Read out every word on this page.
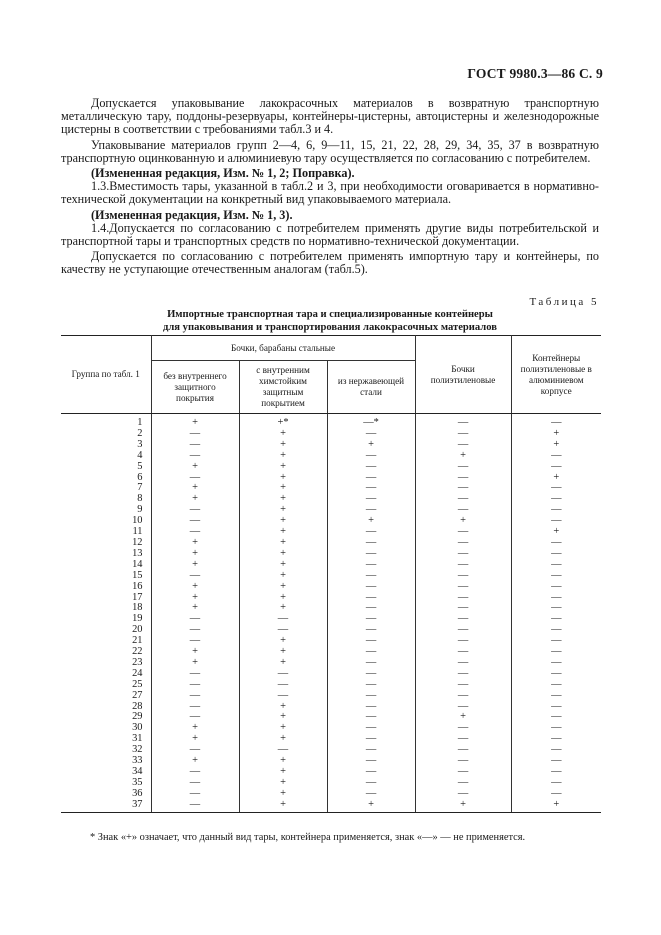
ГОСТ 9980.3—86 С. 9

Допускается упаковывание лакокрасочных материалов в возвратную транспортную металлическую тару, поддоны-резервуары, контейнеры-цистерны, автоцистерны и железнодорожные цистерны в соответствии с требованиями табл.3 и 4.

Упаковывание материалов групп 2—4, 6, 9—11, 15, 21, 22, 28, 29, 34, 35, 37 в возвратную транспортную оцинкованную и алюминиевую тару осуществляется по согласованию с потребителем.

(Измененная редакция, Изм. № 1, 2; Поправка).

1.3.Вместимость тары, указанной в табл.2 и 3, при необходимости оговаривается в нормативно-технической документации на конкретный вид упаковываемого материала.

(Измененная редакция, Изм. № 1, 3).

1.4.Допускается по согласованию с потребителем применять другие виды потребительской и транспортной тары и транспортных средств по нормативно-технической документации.

Допускается по согласованию с потребителем применять импортную тару и контейнеры, по качеству не уступающие отечественным аналогам (табл.5).

Таблица 5
Импортные транспортная тара и специализированные контейнеры
для упаковывания и транспортирования лакокрасочных материалов
Группа по табл. 1	Бочки, барабаны стальные			Бочки полиэтиленовые	Контейнеры полиэтиленовые в алюминиевом корпусе
	без внутреннего защитного покрытия	с внутренним химстойким защитным покрытием	из нержавеющей стали		
1	+	+*	—*	—	—
2	—	+	—	—	+
3	—	+	+	—	+
4	—	+	—	+	—
5	+	+	—	—	—
6	—	+	—	—	+
7	+	+	—	—	—
8	+	+	—	—	—
9	—	+	—	—	—
10	—	+	+	+	—
11	—	+	—	—	+
12	+	+	—	—	—
13	+	+	—	—	—
14	+	+	—	—	—
15	—	+	—	—	—
16	+	+	—	—	—
17	+	+	—	—	—
18	+	+	—	—	—
19	—	—	—	—	—
20	—	—	—	—	—
21	—	+	—	—	—
22	+	+	—	—	—
23	+	+	—	—	—
24	—	—	—	—	—
25	—	—	—	—	—
27	—	—	—	—	—
28	—	+	—	—	—
29	—	+	—	+	—
30	+	+	—	—	—
31	+	+	—	—	—
32	—	—	—	—	—
33	+	+	—	—	—
34	—	+	—	—	—
35	—	+	—	—	—
36	—	+	—	—	—
37	—	+	+	+	+
* Знак «+» означает, что данный вид тары, контейнера применяется, знак «—» — не применяется.
